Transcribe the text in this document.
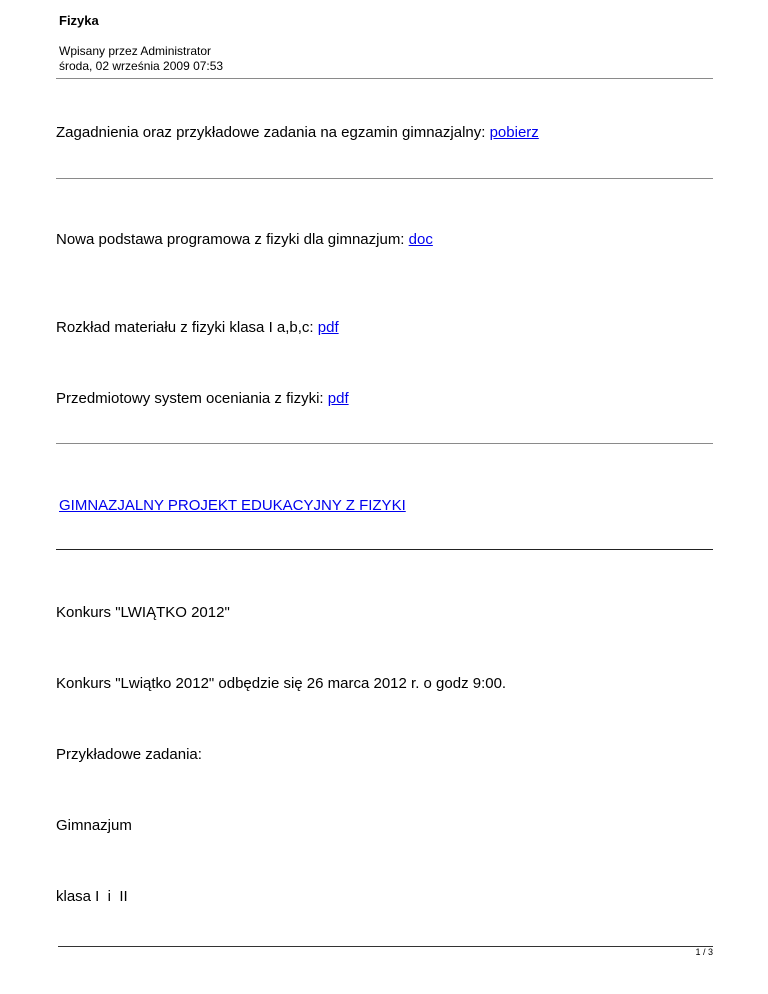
Fizyka
Wpisany przez Administrator
środa, 02 września 2009 07:53
Zagadnienia oraz przykładowe zadania na egzamin gimnazjalny: pobierz
Nowa podstawa programowa z fizyki dla gimnazjum: doc
Rozkład materiału z fizyki klasa I a,b,c: pdf
Przedmiotowy system oceniania z fizyki: pdf
GIMNAZJALNY PROJEKT EDUKACYJNY Z FIZYKI
Konkurs "LWIĄTKO 2012"
Konkurs "Lwiątko 2012" odbędzie się 26 marca 2012 r. o godz 9:00.
Przykładowe zadania:
Gimnazjum
klasa I  i  II
1 / 3
